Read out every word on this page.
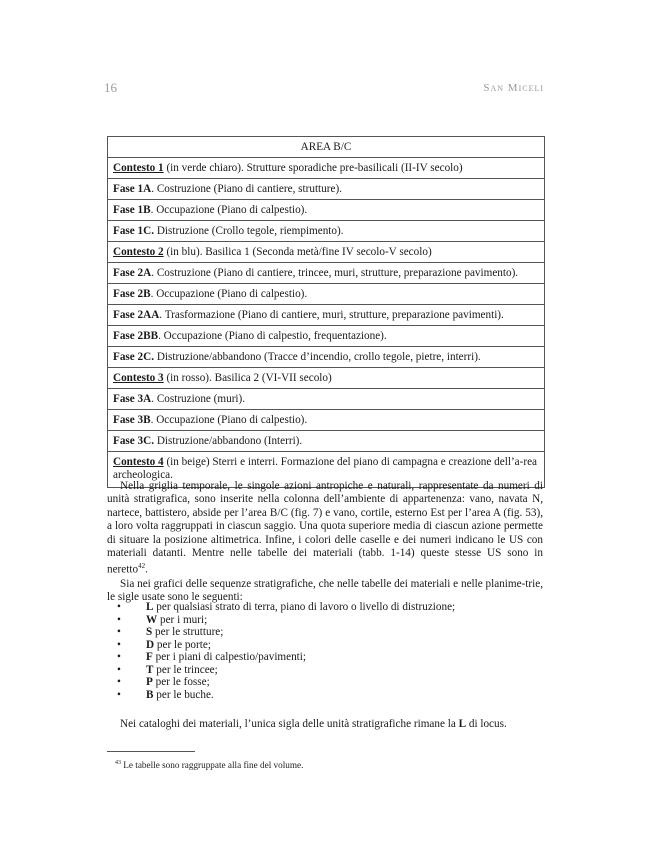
16	San Miceli
AREA B/C
Contesto 1 (in verde chiaro). Strutture sporadiche pre-basilicali (II-IV secolo)
Fase 1A. Costruzione (Piano di cantiere, strutture).
Fase 1B. Occupazione (Piano di calpestio).
Fase 1C. Distruzione (Crollo tegole, riempimento).
Contesto 2 (in blu). Basilica 1 (Seconda metà/fine IV secolo-V secolo)
Fase 2A. Costruzione (Piano di cantiere, trincee, muri, strutture, preparazione pavimento).
Fase 2B. Occupazione (Piano di calpestio).
Fase 2AA. Trasformazione (Piano di cantiere, muri, strutture, preparazione pavimenti).
Fase 2BB. Occupazione (Piano di calpestio, frequentazione).
Fase 2C. Distruzione/abbandono (Tracce d’incendio, crollo tegole, pietre, interri).
Contesto 3 (in rosso). Basilica 2 (VI-VII secolo)
Fase 3A. Costruzione (muri).
Fase 3B. Occupazione (Piano di calpestio).
Fase 3C. Distruzione/abbandono (Interri).
Contesto 4 (in beige) Sterri e interri. Formazione del piano di campagna e creazione dell’a-rea archeologica.

Nella griglia temporale, le singole azioni antropiche e naturali, rappresentate da numeri di unità stratigrafica, sono inserite nella colonna dell’ambiente di appartenenza: vano, navata N, nartece, battistero, abside per l’area B/C (fig. 7) e vano, cortile, esterno Est per l’area A (fig. 53), a loro volta raggruppati in ciascun saggio. Una quota superiore media di ciascun azione permette di situare la posizione altimetrica. Infine, i colori delle caselle e dei numeri indicano le US con materiali datanti. Mentre nelle tabelle dei materiali (tabb. 1-14) queste stesse US sono in neretto$^{42}$.

Sia nei grafici delle sequenze stratigrafiche, che nelle tabelle dei materiali e nelle planime-trie, le sigle usate sono le seguenti:

• L per qualsiasi strato di terra, piano di lavoro o livello di distruzione;
• W per i muri;
• S per le strutture;
• D per le porte;
• F per i piani di calpestio/pavimenti;
• T per le trincee;
• P per le fosse;
• B per le buche.

Nei cataloghi dei materiali, l’unica sigla delle unità stratigrafiche rimane la L di locus.

$^{43}$ Le tabelle sono raggruppate alla fine del volume.
